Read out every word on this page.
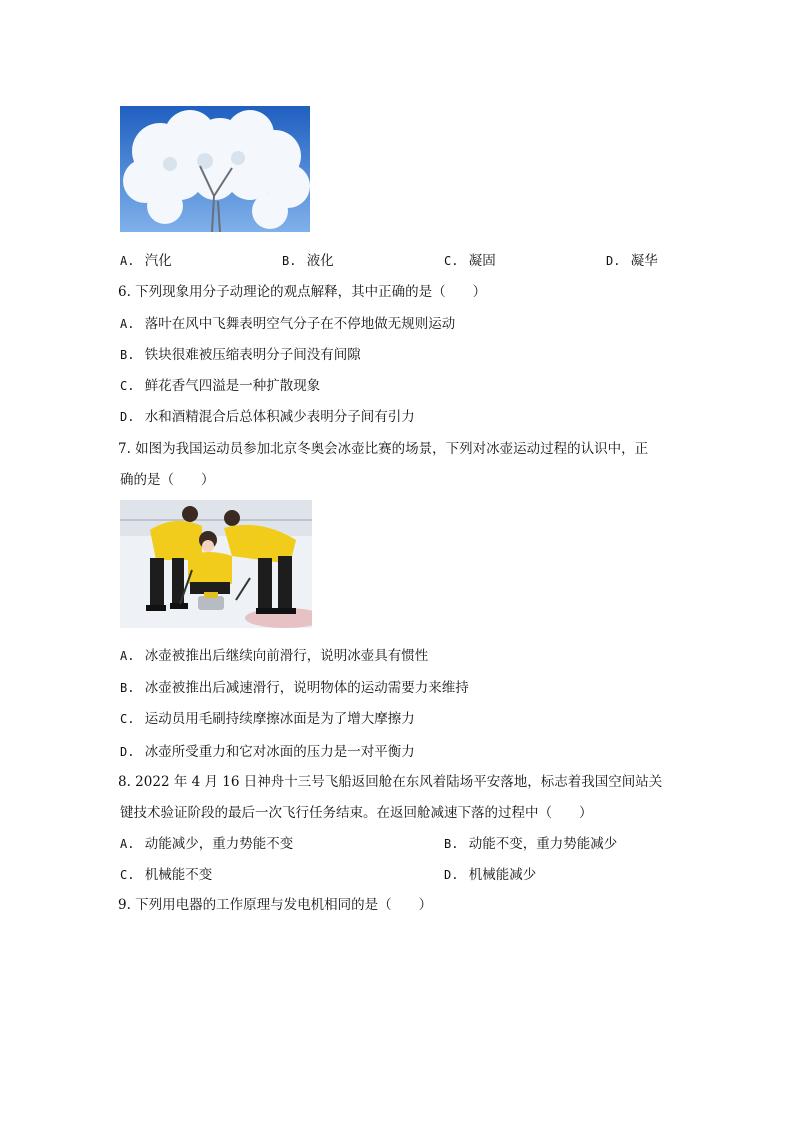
A. 汽化	B. 液化	C. 凝固	D. 凝华
6. 下列现象用分子动理论的观点解释，其中正确的是（　　）
A. 落叶在风中飞舞表明空气分子在不停地做无规则运动
B. 铁块很难被压缩表明分子间没有间隙
C. 鲜花香气四溢是一种扩散现象
D. 水和酒精混合后总体积减少表明分子间有引力
7. 如图为我国运动员参加北京冬奥会冰壶比赛的场景，下列对冰壶运动过程的认识中，正
确的是（　　）
A. 冰壶被推出后继续向前滑行，说明冰壶具有惯性
B. 冰壶被推出后减速滑行，说明物体的运动需要力来维持
C. 运动员用毛刷持续摩擦冰面是为了增大摩擦力
D. 冰壶所受重力和它对冰面的压力是一对平衡力
8. 2022 年 4 月 16 日神舟十三号飞船返回舱在东风着陆场平安落地，标志着我国空间站关
键技术验证阶段的最后一次飞行任务结束。在返回舱减速下落的过程中（　　）
A. 动能减少，重力势能不变	B. 动能不变，重力势能减少
C. 机械能不变	D. 机械能减少
9. 下列用电器的工作原理与发电机相同的是（　　）
